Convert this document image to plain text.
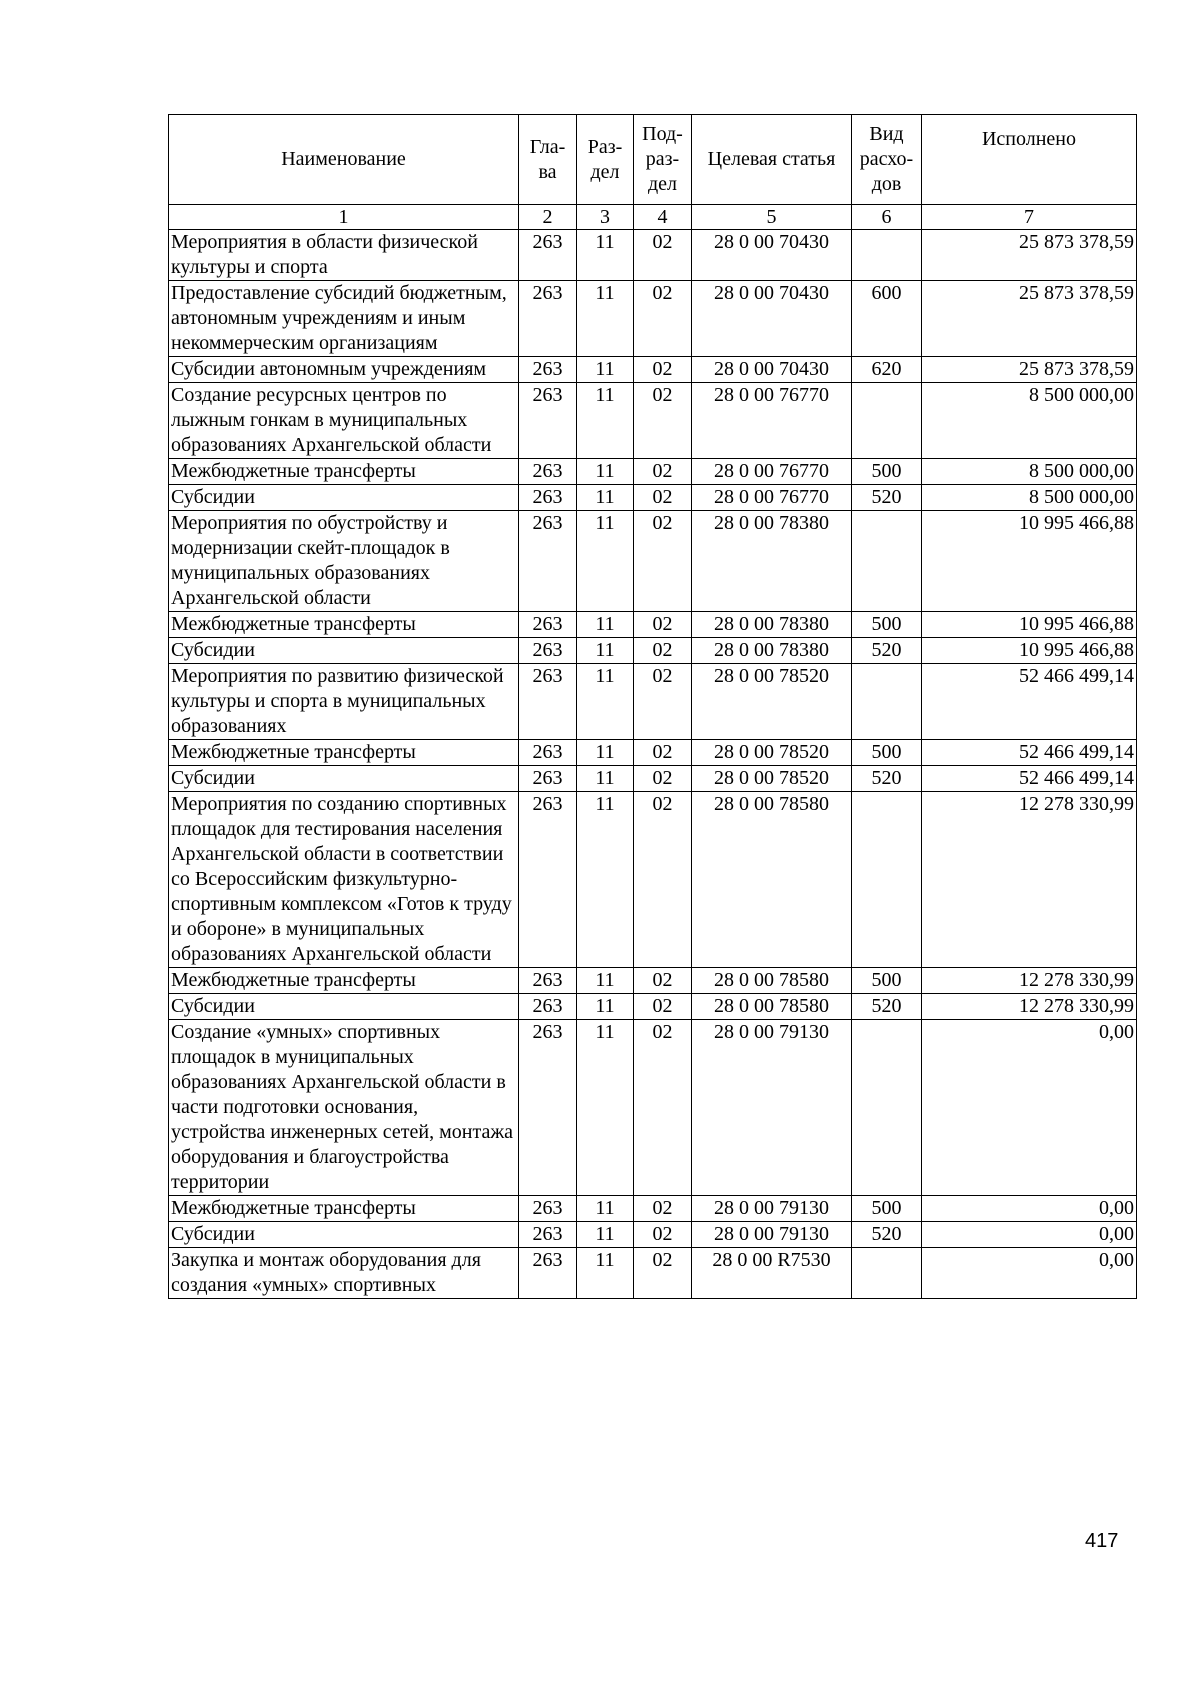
Наименование	Гла-ва	Раз-дел	Под-раз-дел	Целевая статья	Вид расхо-дов	Исполнено
1	2	3	4	5	6	7
Мероприятия в области физической культуры и спорта	263	11	02	28 0 00 70430		25 873 378,59
Предоставление субсидий бюджетным, автономным учреждениям и иным некоммерческим организациям	263	11	02	28 0 00 70430	600	25 873 378,59
Субсидии автономным учреждениям	263	11	02	28 0 00 70430	620	25 873 378,59
Создание ресурсных центров по лыжным гонкам в муниципальных образованиях Архангельской области	263	11	02	28 0 00 76770		8 500 000,00
Межбюджетные трансферты	263	11	02	28 0 00 76770	500	8 500 000,00
Субсидии	263	11	02	28 0 00 76770	520	8 500 000,00
Мероприятия по обустройству и модернизации скейт-площадок в муниципальных образованиях Архангельской области	263	11	02	28 0 00 78380		10 995 466,88
Межбюджетные трансферты	263	11	02	28 0 00 78380	500	10 995 466,88
Субсидии	263	11	02	28 0 00 78380	520	10 995 466,88
Мероприятия по развитию физической культуры и спорта в муниципальных образованиях	263	11	02	28 0 00 78520		52 466 499,14
Межбюджетные трансферты	263	11	02	28 0 00 78520	500	52 466 499,14
Субсидии	263	11	02	28 0 00 78520	520	52 466 499,14
Мероприятия по созданию спортивных площадок для тестирования населения Архангельской области в соответствии со Всероссийским физкультурно-спортивным комплексом «Готов к труду и обороне» в муниципальных образованиях Архангельской области	263	11	02	28 0 00 78580		12 278 330,99
Межбюджетные трансферты	263	11	02	28 0 00 78580	500	12 278 330,99
Субсидии	263	11	02	28 0 00 78580	520	12 278 330,99
Создание «умных» спортивных площадок в муниципальных образованиях Архангельской области в части подготовки основания, устройства инженерных сетей, монтажа оборудования и благоустройства территории	263	11	02	28 0 00 79130		0,00
Межбюджетные трансферты	263	11	02	28 0 00 79130	500	0,00
Субсидии	263	11	02	28 0 00 79130	520	0,00
Закупка и монтаж оборудования для создания «умных» спортивных	263	11	02	28 0 00 R7530		0,00
417
